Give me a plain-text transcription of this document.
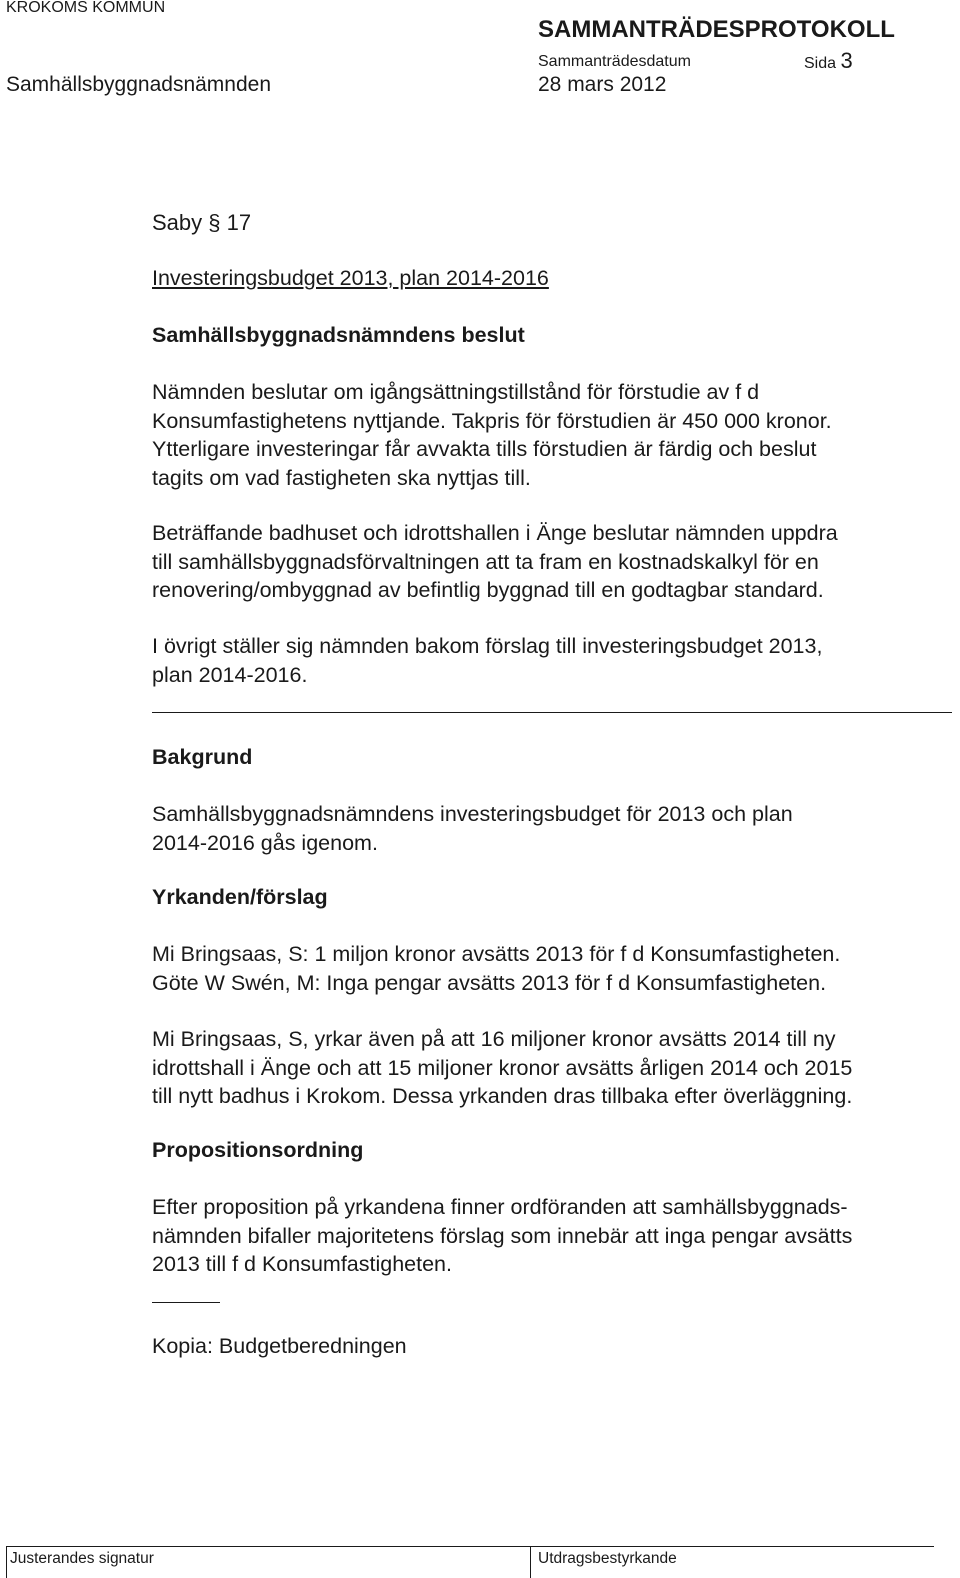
KROKOMS KOMMUN
SAMMANTRÄDESPROTOKOLL
Sammanträdesdatum	Sida 3
Samhällsbyggnadsnämnden	28 mars 2012
Saby § 17
Investeringsbudget 2013, plan 2014-2016
Samhällsbyggnadsnämndens beslut

Nämnden beslutar om igångsättningstillstånd för förstudie av f d
Konsumfastighetens nyttjande. Takpris för förstudien är 450 000 kronor.
Ytterligare investeringar får avvakta tills förstudien är färdig och beslut
tagits om vad fastigheten ska nyttjas till.

Beträffande badhuset och idrottshallen i Änge beslutar nämnden uppdra
till samhällsbyggnadsförvaltningen att ta fram en kostnadskalkyl för en
renovering/ombyggnad av befintlig byggnad till en godtagbar standard.

I övrigt ställer sig nämnden bakom förslag till investeringsbudget 2013,
plan 2014-2016.

Bakgrund

Samhällsbyggnadsnämndens investeringsbudget för 2013 och plan
2014-2016 gås igenom.

Yrkanden/förslag

Mi Bringsaas, S: 1 miljon kronor avsätts 2013 för f d Konsumfastigheten.
Göte W Swén, M: Inga pengar avsätts 2013 för f d Konsumfastigheten.

Mi Bringsaas, S, yrkar även på att 16 miljoner kronor avsätts 2014 till ny
idrottshall i Änge och att 15 miljoner kronor avsätts årligen 2014 och 2015
till nytt badhus i Krokom. Dessa yrkanden dras tillbaka efter överläggning.

Propositionsordning

Efter proposition på yrkandena finner ordföranden att samhällsbyggnads-
nämnden bifaller majoritetens förslag som innebär att inga pengar avsätts
2013 till f d Konsumfastigheten.

Kopia: Budgetberedningen
Justerandes signatur	Utdragsbestyrkande
